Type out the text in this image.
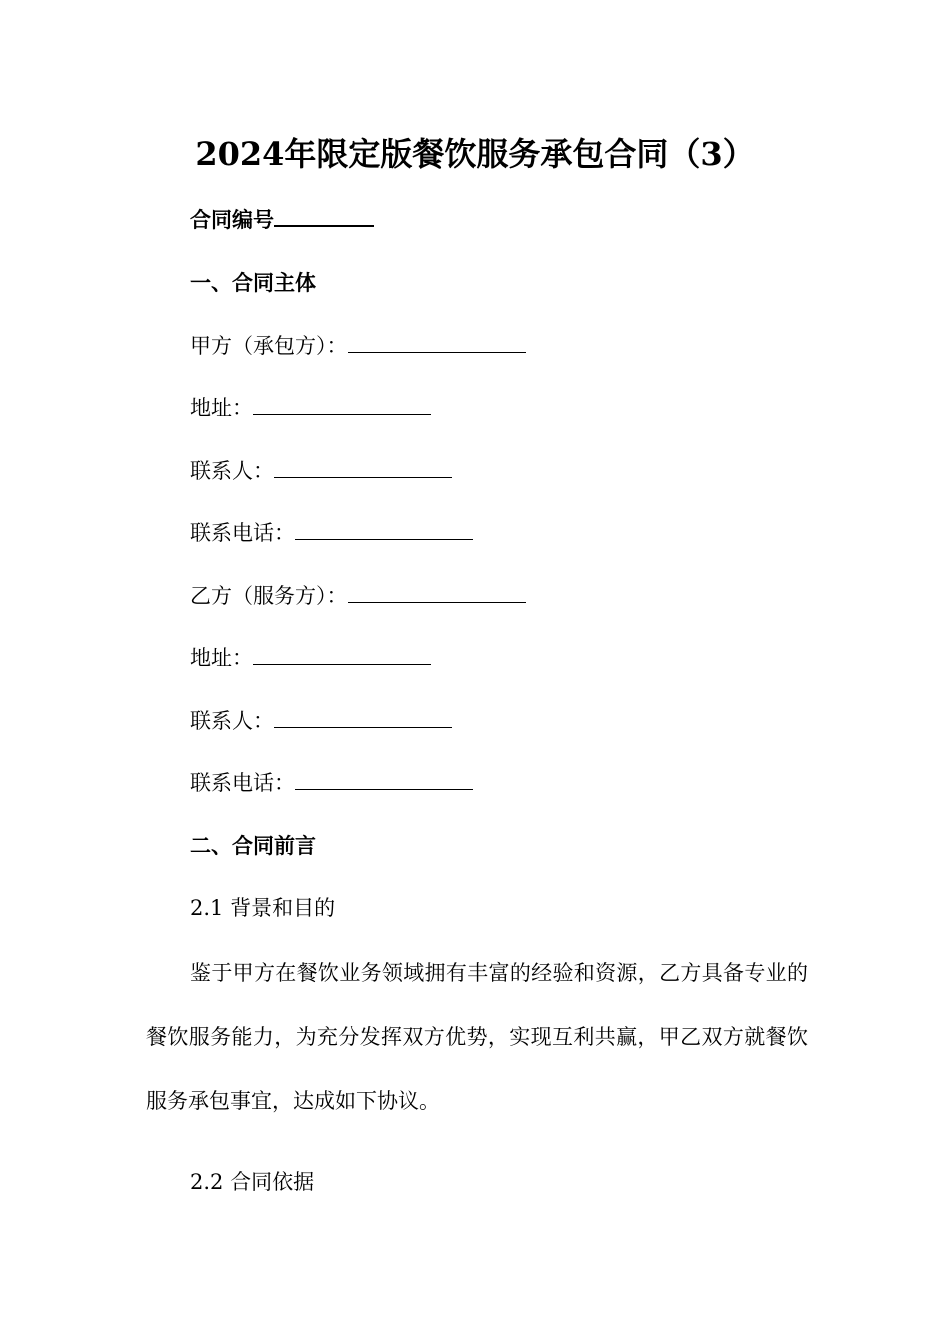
2024年限定版餐饮服务承包合同（3）
合同编号
一、合同主体
甲方（承包方）：
地址：
联系人：
联系电话：
乙方（服务方）：
地址：
联系人：
联系电话：
二、合同前言
2.1 背景和目的
鉴于甲方在餐饮业务领域拥有丰富的经验和资源，乙方具备专业的餐饮服务能力，为充分发挥双方优势，实现互利共赢，甲乙双方就餐饮服务承包事宜，达成如下协议。
2.2 合同依据
